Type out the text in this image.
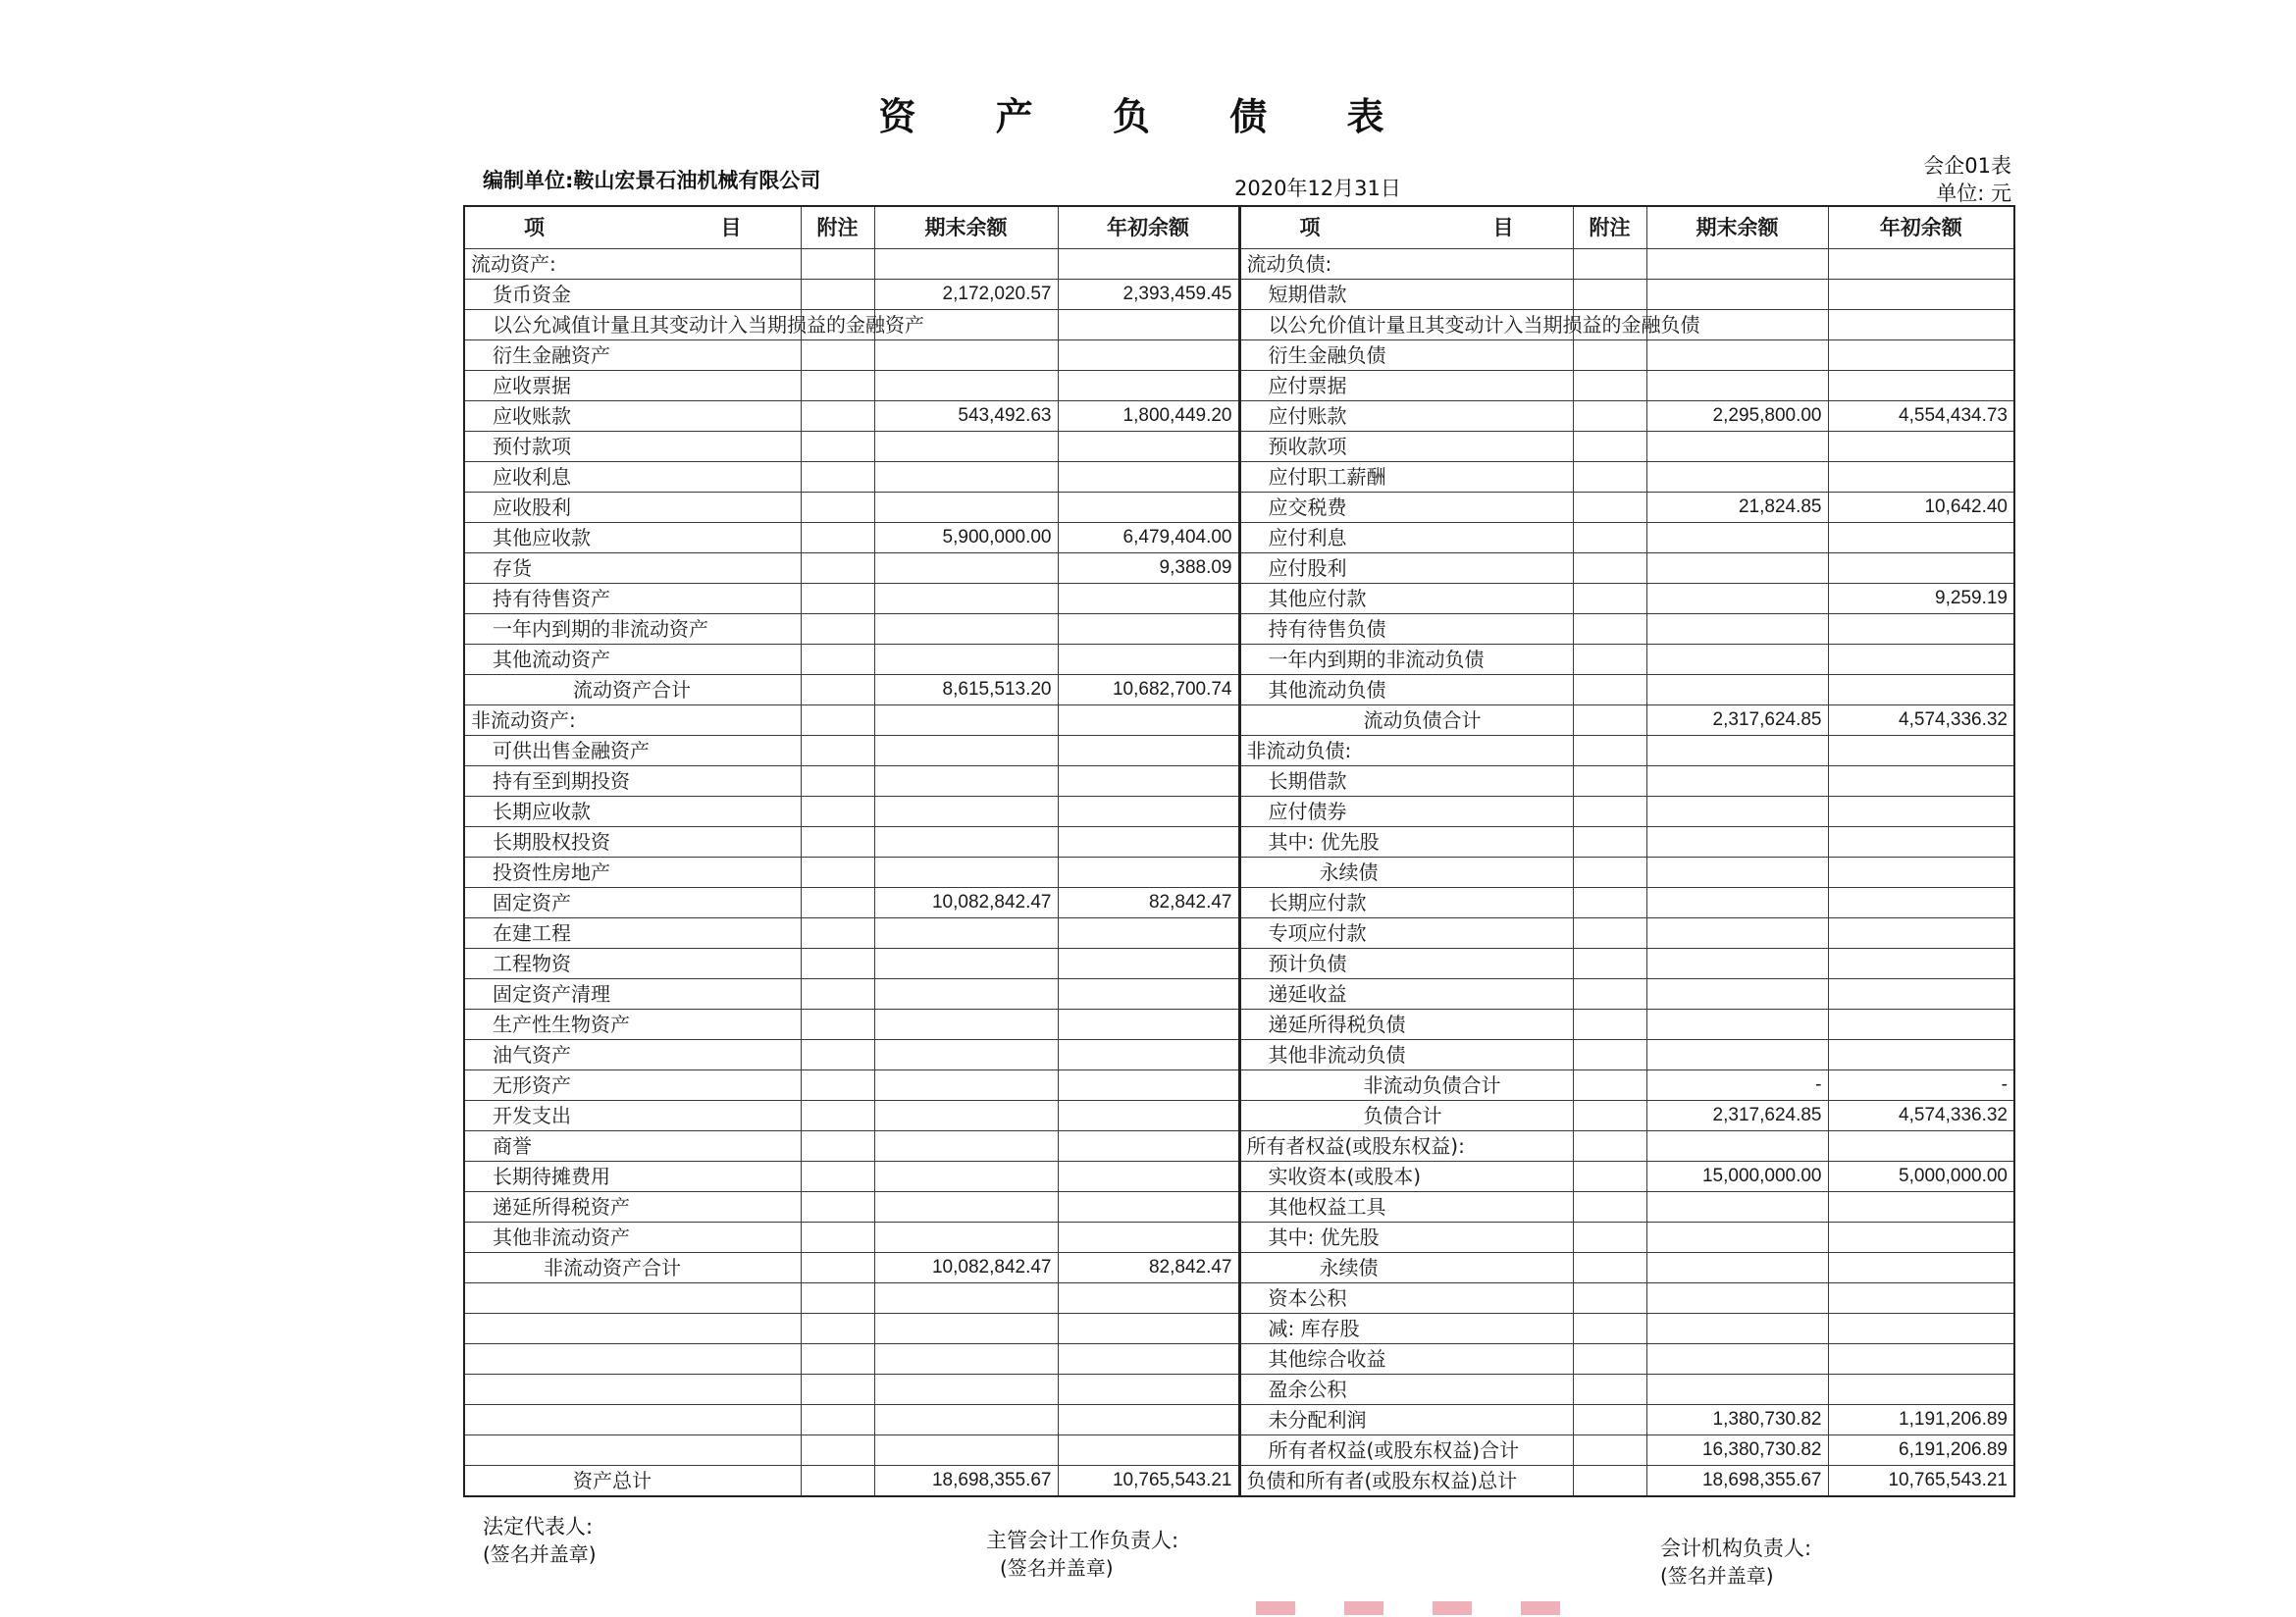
资 产 负 债 表
编制单位:鞍山宏景石油机械有限公司	2020年12月31日
会企01表
单位: 元
项 目	附注	期末余额	年初余额	项 目	附注	期末余额	年初余额
流动资产:				流动负债:			
货币资金		2,172,020.57	2,393,459.45	短期借款			
以公允减值计量且其变动计入当期损益的金融资产				以公允价值计量且其变动计入当期损益的金融负债			
衍生金融资产				衍生金融负债			
应收票据				应付票据			
应收账款		543,492.63	1,800,449.20	应付账款		2,295,800.00	4,554,434.73
预付款项				预收款项			
应收利息				应付职工薪酬			
应收股利				应交税费		21,824.85	10,642.40
其他应收款		5,900,000.00	6,479,404.00	应付利息			
存货			9,388.09	应付股利			
持有待售资产				其他应付款			9,259.19
一年内到期的非流动资产				持有待售负债			
其他流动资产				一年内到期的非流动负债			
流动资产合计		8,615,513.20	10,682,700.74	其他流动负债			
非流动资产:				流动负债合计		2,317,624.85	4,574,336.32
可供出售金融资产				非流动负债:			
持有至到期投资				长期借款			
长期应收款				应付债券			
长期股权投资				其中: 优先股			
投资性房地产				永续债			
固定资产		10,082,842.47	82,842.47	长期应付款			
在建工程				专项应付款			
工程物资				预计负债			
固定资产清理				递延收益			
生产性生物资产				递延所得税负债			
油气资产				其他非流动负债			
无形资产				非流动负债合计		-	-
开发支出				负债合计		2,317,624.85	4,574,336.32
商誉				所有者权益(或股东权益):			
长期待摊费用				实收资本(或股本)		15,000,000.00	5,000,000.00
递延所得税资产				其他权益工具			
其他非流动资产				其中: 优先股			
非流动资产合计		10,082,842.47	82,842.47	永续债			
				资本公积			
				减: 库存股			
				其他综合收益			
				盈余公积			
				未分配利润		1,380,730.82	1,191,206.89
				所有者权益(或股东权益)合计		16,380,730.82	6,191,206.89
资产总计		18,698,355.67	10,765,543.21	负债和所有者(或股东权益)总计		18,698,355.67	10,765,543.21
法定代表人:
(签名并盖章)
主管会计工作负责人:
(签名并盖章)
会计机构负责人:
(签名并盖章)
